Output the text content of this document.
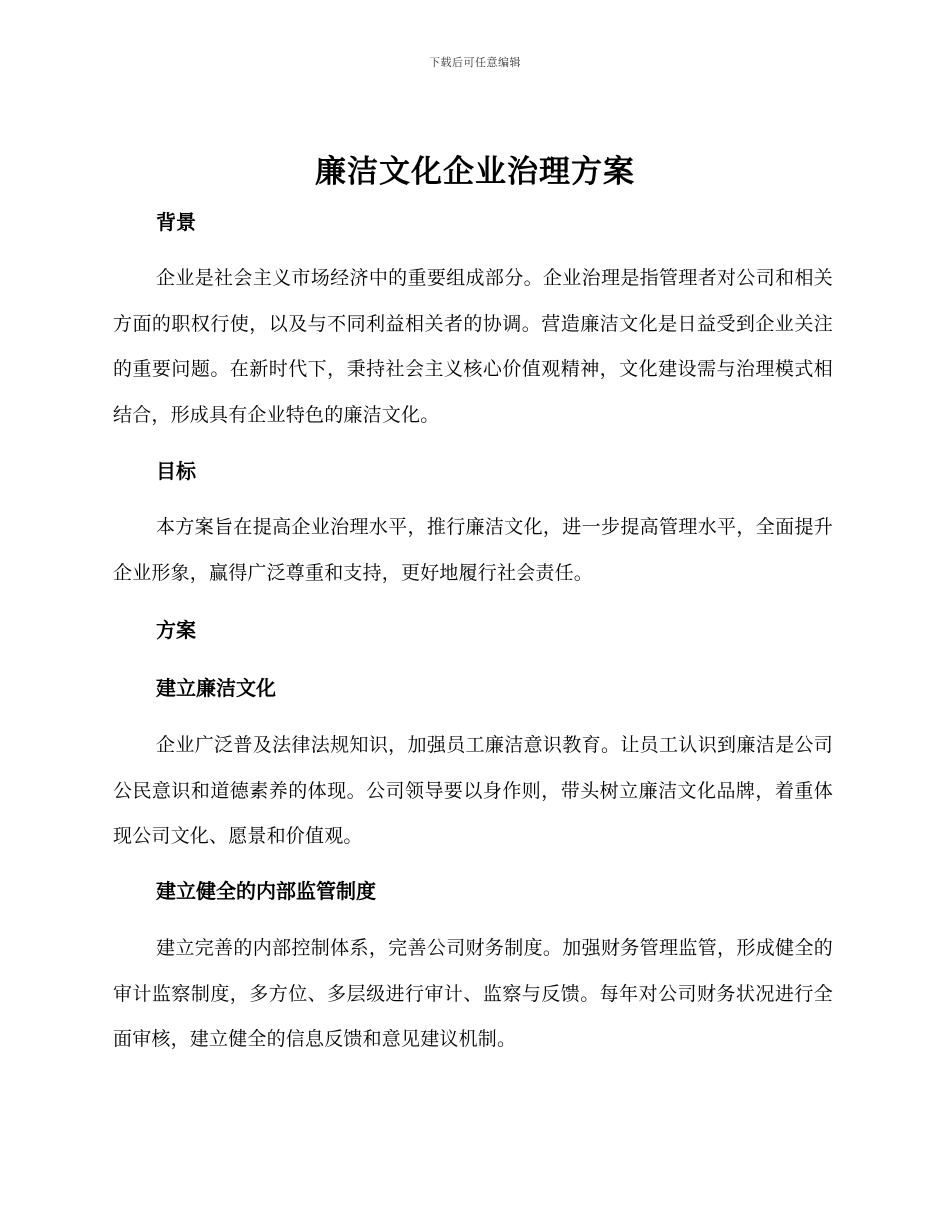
下载后可任意编辑
廉洁文化企业治理方案
背景
企业是社会主义市场经济中的重要组成部分。企业治理是指管理者对公司和相关方面的职权行使，以及与不同利益相关者的协调。营造廉洁文化是日益受到企业关注的重要问题。在新时代下，秉持社会主义核心价值观精神，文化建设需与治理模式相结合，形成具有企业特色的廉洁文化。
目标
本方案旨在提高企业治理水平，推行廉洁文化，进一步提高管理水平，全面提升企业形象，赢得广泛尊重和支持，更好地履行社会责任。
方案
建立廉洁文化
企业广泛普及法律法规知识，加强员工廉洁意识教育。让员工认识到廉洁是公司公民意识和道德素养的体现。公司领导要以身作则，带头树立廉洁文化品牌，着重体现公司文化、愿景和价值观。
建立健全的内部监管制度
建立完善的内部控制体系，完善公司财务制度。加强财务管理监管，形成健全的审计监察制度，多方位、多层级进行审计、监察与反馈。每年对公司财务状况进行全面审核，建立健全的信息反馈和意见建议机制。
